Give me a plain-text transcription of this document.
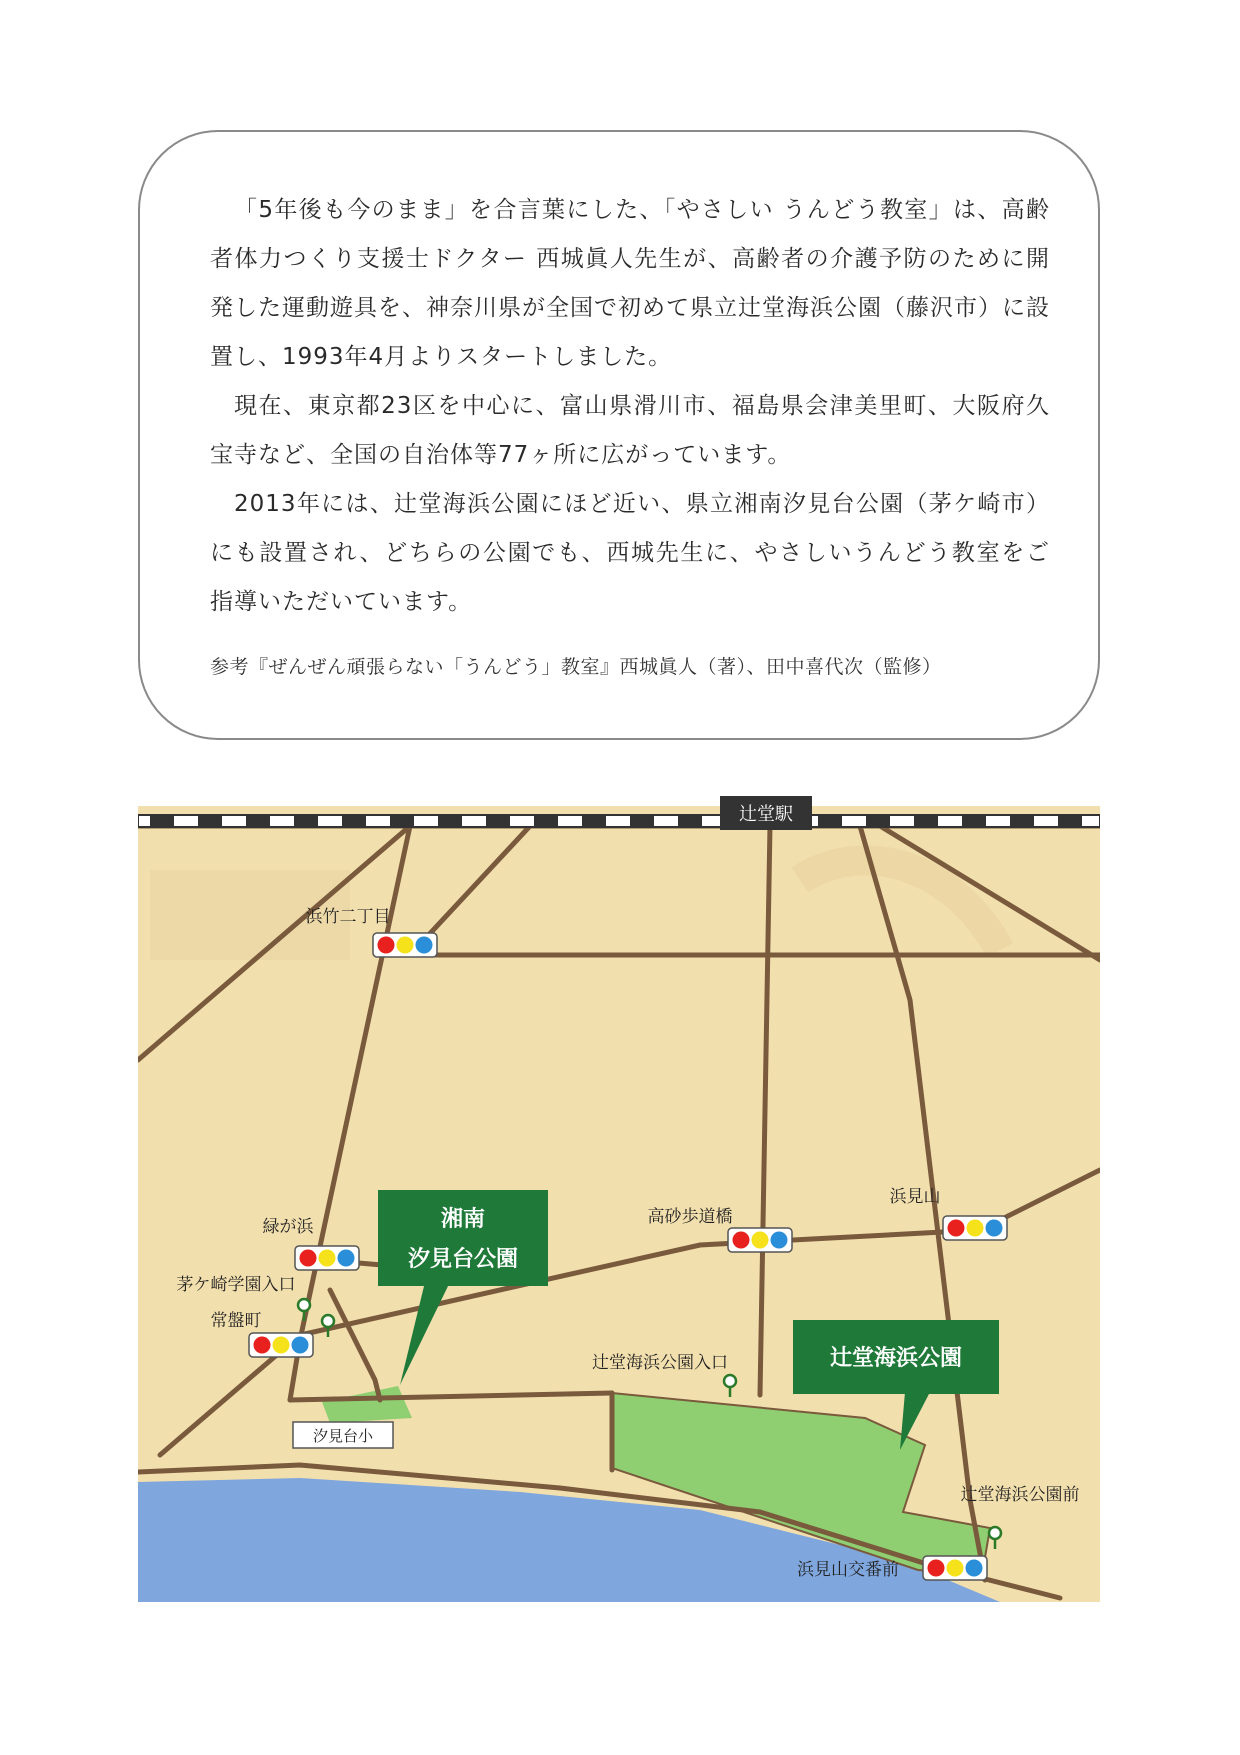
「5年後も今のまま」を合言葉にした、「やさしい うんどう教室」は、高齢者体力つくり支援士ドクター 西城眞人先生が、高齢者の介護予防のために開発した運動遊具を、神奈川県が全国で初めて県立辻堂海浜公園（藤沢市）に設置し、1993年4月よりスタートしました。

現在、東京都23区を中心に、富山県滑川市、福島県会津美里町、大阪府久宝寺など、全国の自治体等77ヶ所に広がっています。

2013年には、辻堂海浜公園にほど近い、県立湘南汐見台公園（茅ケ崎市）にも設置され、どちらの公園でも、西城先生に、やさしいうんどう教室をご指導いただいています。

参考『ぜんぜん頑張らない「うんどう」教室』西城眞人（著）、田中喜代次（監修）
辻堂駅
湘南
汐見台公園
辻堂海浜公園
浜竹二丁目
緑が浜	高砂歩道橋
浜見山
常盤町
浜見山交番前
茅ケ崎学園入口
辻堂海浜公園入口
辻堂海浜公園前
汐見台小
